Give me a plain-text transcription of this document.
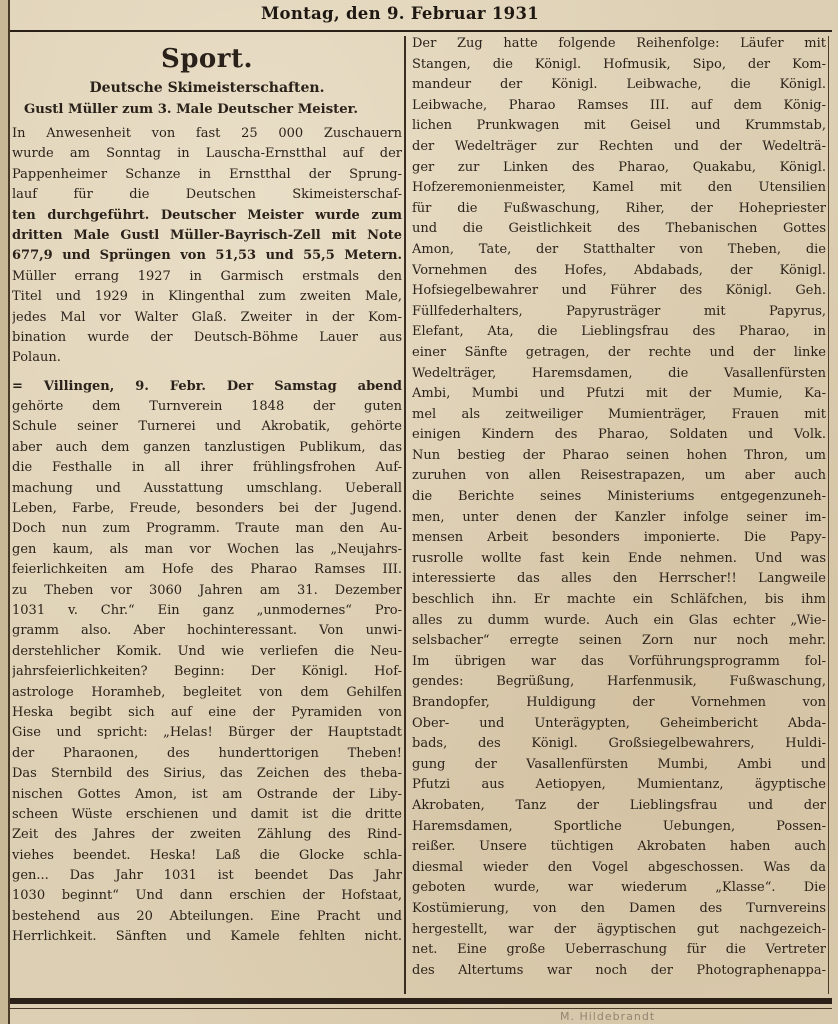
Montag, den 9. Februar 1931
Sport.
Deutsche Skimeisterschaften.
Gustl Müller zum 3. Male Deutscher Meister.
In Anwesenheit von fast 25 000 Zuschauern
wurde am Sonntag in Lauscha-Ernstthal auf der
Pappenheimer Schanze in Ernstthal der Sprung-
lauf für die Deutschen Skimeisterschaf-
ten durchgeführt. Deutscher Meister wurde zum
dritten Male Gustl Müller-Bayrisch-Zell mit Note
677,9 und Sprüngen von 51,53 und 55,5 Metern.
Müller errang 1927 in Garmisch erstmals den
Titel und 1929 in Klingenthal zum zweiten Male,
jedes Mal vor Walter Glaß. Zweiter in der Kom-
bination wurde der Deutsch-Böhme Lauer aus
Polaun.
= Villingen, 9. Febr. Der Samstag abend
gehörte dem Turnverein 1848 der guten
Schule seiner Turnerei und Akrobatik, gehörte
aber auch dem ganzen tanzlustigen Publikum, das
die Festhalle in all ihrer frühlingsfrohen Auf-
machung und Ausstattung umschlang. Ueberall
Leben, Farbe, Freude, besonders bei der Jugend.
Doch nun zum Programm. Traute man den Au-
gen kaum, als man vor Wochen las „Neujahrs-
feierlichkeiten am Hofe des Pharao Ramses III.
zu Theben vor 3060 Jahren am 31. Dezember
1031 v. Chr.“ Ein ganz „unmodernes“ Pro-
gramm also. Aber hochinteressant. Von unwi-
derstehlicher Komik. Und wie verliefen die Neu-
jahrsfeierlichkeiten? Beginn: Der Königl. Hof-
astrologe Horamheb, begleitet von dem Gehilfen
Heska begibt sich auf eine der Pyramiden von
Gise und spricht: „Helas! Bürger der Hauptstadt
der Pharaonen, des hunderttorigen Theben!
Das Sternbild des Sirius, das Zeichen des theba-
nischen Gottes Amon, ist am Ostrande der Liby-
scheen Wüste erschienen und damit ist die dritte
Zeit des Jahres der zweiten Zählung des Rind-
viehes beendet. Heska! Laß die Glocke schla-
gen... Das Jahr 1031 ist beendet Das Jahr
1030 beginnt“ Und dann erschien der Hofstaat,
bestehend aus 20 Abteilungen. Eine Pracht und
Herrlichkeit. Sänften und Kamele fehlten nicht.
Der Zug hatte folgende Reihenfolge: Läufer mit
Stangen, die Königl. Hofmusik, Sipo, der Kom-
mandeur der Königl. Leibwache, die Königl.
Leibwache, Pharao Ramses III. auf dem König-
lichen Prunkwagen mit Geisel und Krummstab,
der Wedelträger zur Rechten und der Wedelträ-
ger zur Linken des Pharao, Quakabu, Königl.
Hofzeremonienmeister, Kamel mit den Utensilien
für die Fußwaschung, Riher, der Hohepriester
und die Geistlichkeit des Thebanischen Gottes
Amon, Tate, der Statthalter von Theben, die
Vornehmen des Hofes, Abdabads, der Königl.
Hofsiegelbewahrer und Führer des Königl. Geh.
Füllfederhalters, Papyrusträger mit Papyrus,
Elefant, Ata, die Lieblingsfrau des Pharao, in
einer Sänfte getragen, der rechte und der linke
Wedelträger, Haremsdamen, die Vasallenfürsten
Ambi, Mumbi und Pfutzi mit der Mumie, Ka-
mel als zeitweiliger Mumienträger, Frauen mit
einigen Kindern des Pharao, Soldaten und Volk.
Nun bestieg der Pharao seinen hohen Thron, um
zuruhen von allen Reisestrapazen, um aber auch
die Berichte seines Ministeriums entgegenzuneh-
men, unter denen der Kanzler infolge seiner im-
mensen Arbeit besonders imponierte. Die Papy-
rusrolle wollte fast kein Ende nehmen. Und was
interessierte das alles den Herrscher!! Langweile
beschlich ihn. Er machte ein Schläfchen, bis ihm
alles zu dumm wurde. Auch ein Glas echter „Wie-
selsbacher“ erregte seinen Zorn nur noch mehr.
Im übrigen war das Vorführungsprogramm fol-
gendes: Begrüßung, Harfenmusik, Fußwaschung,
Brandopfer, Huldigung der Vornehmen von
Ober- und Unterägypten, Geheimbericht Abda-
bads, des Königl. Großsiegelbewahrers, Huldi-
gung der Vasallenfürsten Mumbi, Ambi und
Pfutzi aus Aetiopyen, Mumientanz, ägyptische
Akrobaten, Tanz der Lieblingsfrau und der
Haremsdamen, Sportliche Uebungen, Possen-
reißer. Unsere tüchtigen Akrobaten haben auch
diesmal wieder den Vogel abgeschossen. Was da
geboten wurde, war wiederum „Klasse“. Die
Kostümierung, von den Damen des Turnvereins
hergestellt, war der ägyptischen gut nachgezeich-
net. Eine große Ueberraschung für die Vertreter
des Altertums war noch der Photographenappa-
M. Hildebrandt
